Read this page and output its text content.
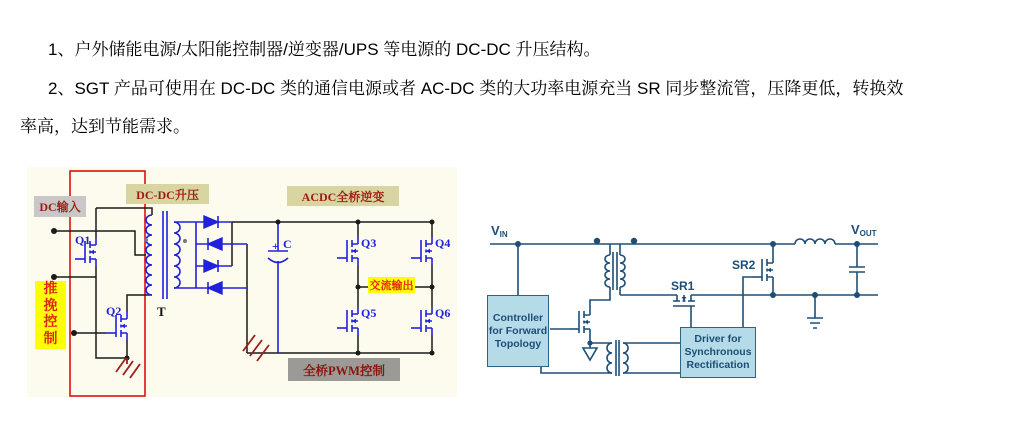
1、户外储能电源/太阳能控制器/逆变器/UPS 等电源的 DC-DC 升压结构。
2、SGT 产品可使用在 DC-DC 类的通信电源或者 AC-DC 类的大功率电源充当 SR 同步整流管，压降更低，转换效
率高，达到节能需求。
+ C
Q1
Q2
Q3	Q4
Q5	Q6
T
DC输入
DC-DC升压	ACDC全桥逆变
推挽控制
交流输出
全桥PWM控制
$V_{IN}$	$V_{OUT}$
SR1
SR2
Controller
for Forward
Topology	Driver for
Synchronous
Rectification
